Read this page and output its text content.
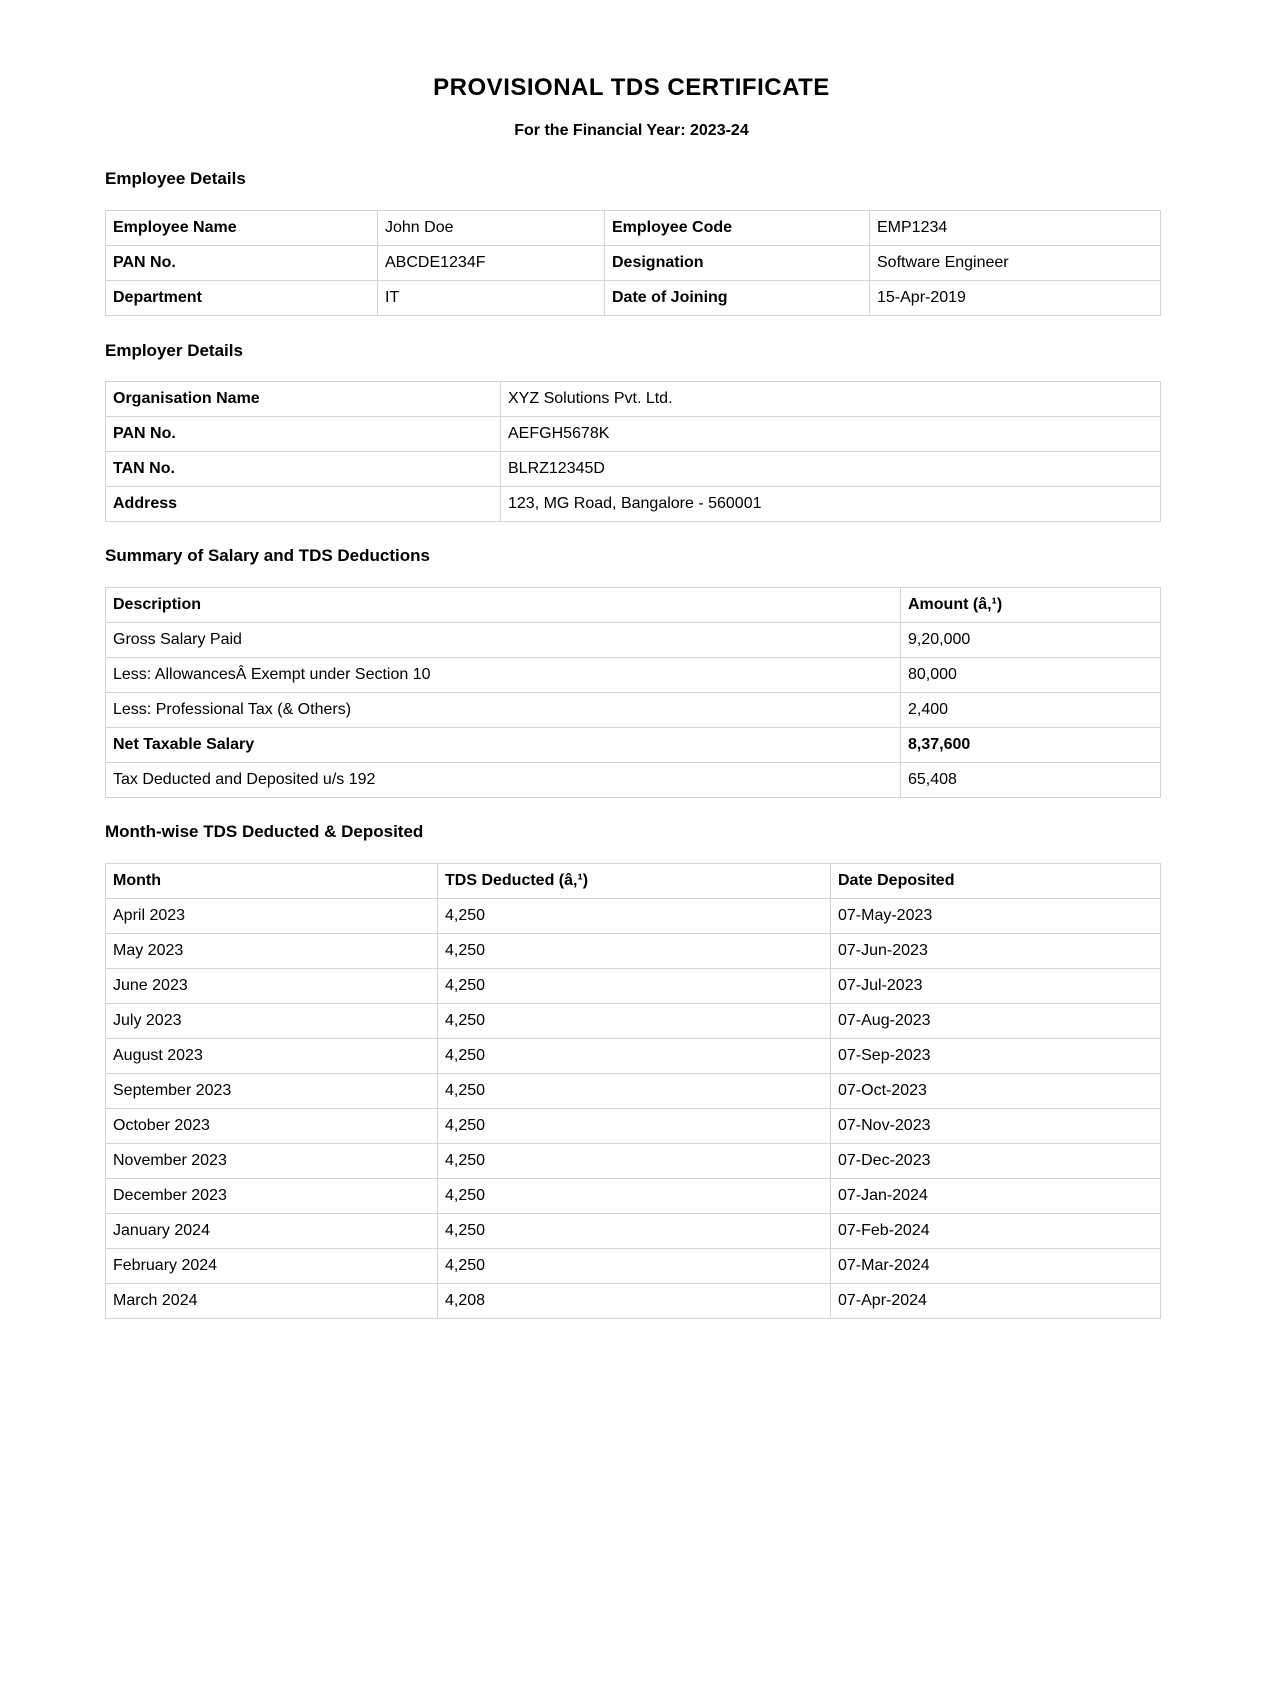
PROVISIONAL TDS CERTIFICATE

For the Financial Year: 2023-24

Employee Details
Employee Name	John Doe	Employee Code	EMP1234
PAN No.	ABCDE1234F	Designation	Software Engineer
Department	IT	Date of Joining	15-Apr-2019
Employer Details
Organisation Name	XYZ Solutions Pvt. Ltd.
PAN No.	AEFGH5678K
TAN No.	BLRZ12345D
Address	123, MG Road, Bangalore - 560001
Summary of Salary and TDS Deductions
Description	Amount (â‚¹)
Gross Salary Paid	9,20,000
Less: AllowancesÂ Exempt under Section 10	80,000
Less: Professional Tax (& Others)	2,400
Net Taxable Salary	8,37,600
Tax Deducted and Deposited u/s 192	65,408
Month-wise TDS Deducted & Deposited
Month	TDS Deducted (â‚¹)	Date Deposited
April 2023	4,250	07-May-2023
May 2023	4,250	07-Jun-2023
June 2023	4,250	07-Jul-2023
July 2023	4,250	07-Aug-2023
August 2023	4,250	07-Sep-2023
September 2023	4,250	07-Oct-2023
October 2023	4,250	07-Nov-2023
November 2023	4,250	07-Dec-2023
December 2023	4,250	07-Jan-2024
January 2024	4,250	07-Feb-2024
February 2024	4,250	07-Mar-2024
March 2024	4,208	07-Apr-2024
